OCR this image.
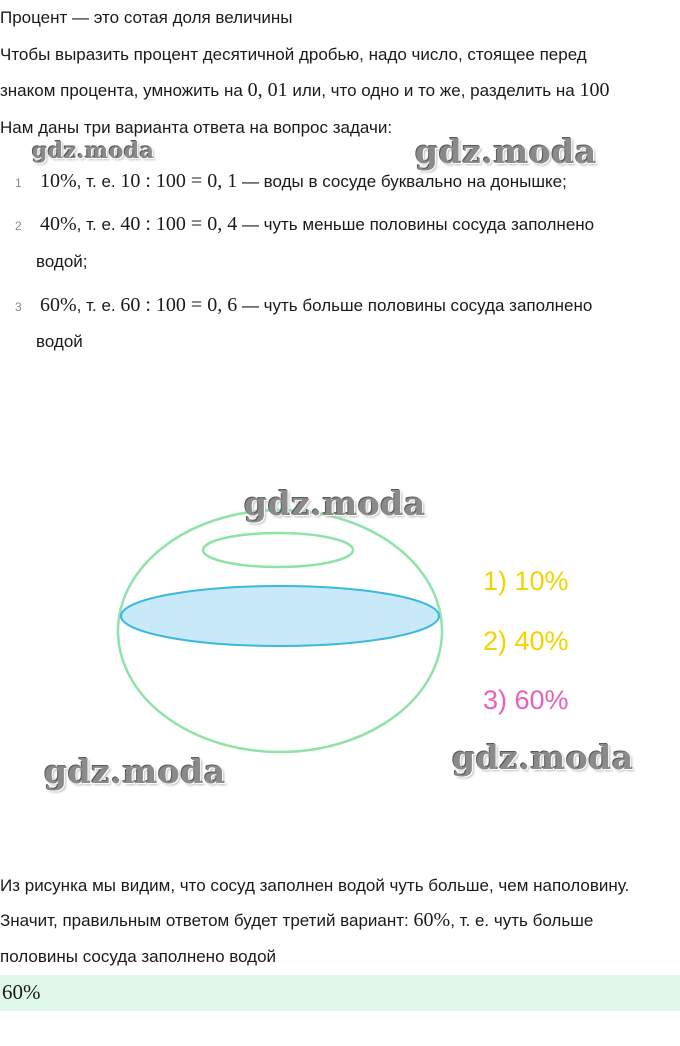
Процент — это сотая доля величины
Чтобы выразить процент десятичной дробью, надо число, стоящее перед
знаком процента, умножить на 0, 01 или, что одно и то же, разделить на 100
Нам даны три варианта ответа на вопрос задачи:
gdz.moda	gdz.moda
1 10%, т. е. 10 : 100 = 0, 1 — воды в сосуде буквально на донышке;
2 40%, т. е. 40 : 100 = 0, 4 — чуть меньше половины сосуда заполнено
водой;
3 60%, т. е. 60 : 100 = 0, 6 — чуть больше половины сосуда заполнено
водой
gdz.moda
gdz.moda	gdz.moda
1) 10%
2) 40%
3) 60%
Из рисунка мы видим, что сосуд заполнен водой чуть больше, чем наполовину.
Значит, правильным ответом будет третий вариант: 60%, т. е. чуть больше
половины сосуда заполнено водой
60%
